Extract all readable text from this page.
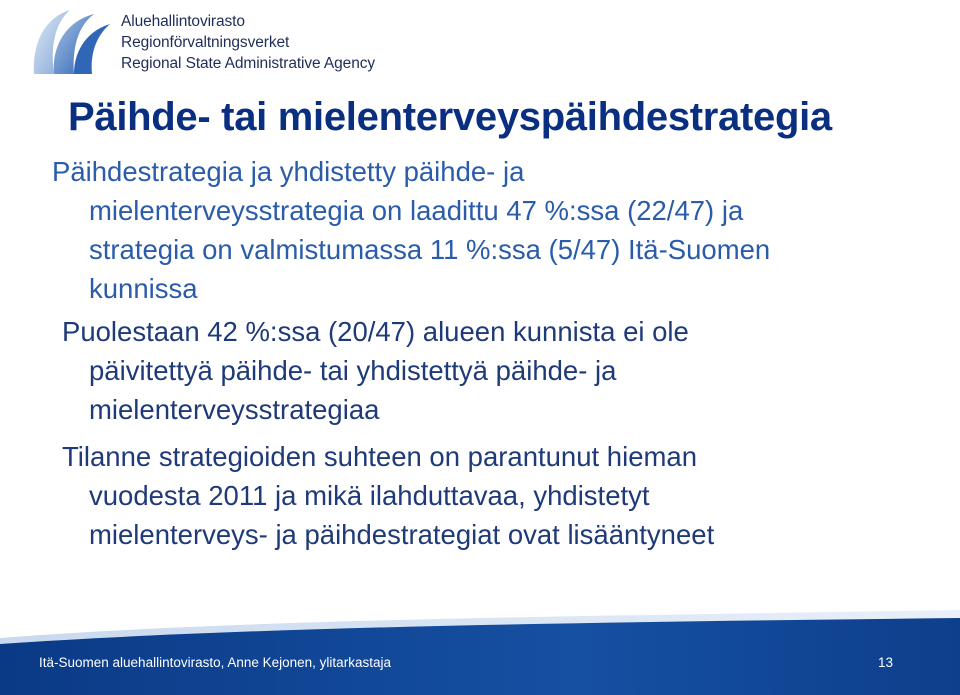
Aluehallintovirasto
Regionförvaltningsverket
Regional State Administrative Agency
Päihde- tai mielenterveyspäihdestrategia

Päihdestrategia ja yhdistetty päihde- ja
mielenterveysstrategia on laadittu 47 %:ssa (22/47) ja
strategia on valmistumassa 11 %:ssa (5/47) Itä-Suomen
kunnissa

Puolestaan 42 %:ssa (20/47) alueen kunnista ei ole
päivitettyä päihde- tai yhdistettyä päihde- ja
mielenterveysstrategiaa

Tilanne strategioiden suhteen on parantunut hieman
vuodesta 2011 ja mikä ilahduttavaa, yhdistetyt
mielenterveys- ja päihdestrategiat ovat lisääntyneet

Itä-Suomen aluehallintovirasto, Anne Kejonen, ylitarkastaja	13
